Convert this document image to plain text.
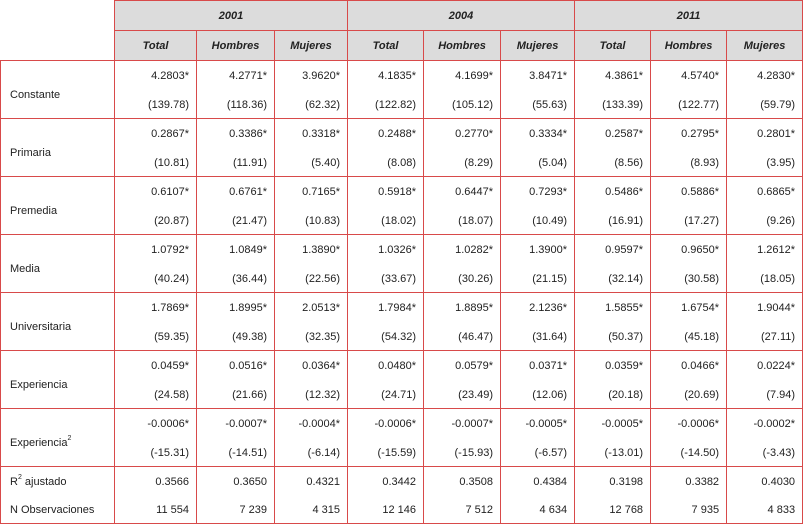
	2001			2004			2011		
	Total	Hombres	Mujeres	Total	Hombres	Mujeres	Total	Hombres	Mujeres
Constante	4.2803*	4.2771*	3.9620*	4.1835*	4.1699*	3.8471*	4.3861*	4.5740*	4.2830*
	(139.78)	(118.36)	(62.32)	(122.82)	(105.12)	(55.63)	(133.39)	(122.77)	(59.79)
Primaria	0.2867*	0.3386*	0.3318*	0.2488*	0.2770*	0.3334*	0.2587*	0.2795*	0.2801*
	(10.81)	(11.91)	(5.40)	(8.08)	(8.29)	(5.04)	(8.56)	(8.93)	(3.95)
Premedia	0.6107*	0.6761*	0.7165*	0.5918*	0.6447*	0.7293*	0.5486*	0.5886*	0.6865*
	(20.87)	(21.47)	(10.83)	(18.02)	(18.07)	(10.49)	(16.91)	(17.27)	(9.26)
Media	1.0792*	1.0849*	1.3890*	1.0326*	1.0282*	1.3900*	0.9597*	0.9650*	1.2612*
	(40.24)	(36.44)	(22.56)	(33.67)	(30.26)	(21.15)	(32.14)	(30.58)	(18.05)
Universitaria	1.7869*	1.8995*	2.0513*	1.7984*	1.8895*	2.1236*	1.5855*	1.6754*	1.9044*
	(59.35)	(49.38)	(32.35)	(54.32)	(46.47)	(31.64)	(50.37)	(45.18)	(27.11)
Experiencia	0.0459*	0.0516*	0.0364*	0.0480*	0.0579*	0.0371*	0.0359*	0.0466*	0.0224*
	(24.58)	(21.66)	(12.32)	(24.71)	(23.49)	(12.06)	(20.18)	(20.69)	(7.94)
Experiencia$^2$	-0.0006*	-0.0007*	-0.0004*	-0.0006*	-0.0007*	-0.0005*	-0.0005*	-0.0006*	-0.0002*
	(-15.31)	(-14.51)	(-6.14)	(-15.59)	(-15.93)	(-6.57)	(-13.01)	(-14.50)	(-3.43)
$R^2$ ajustado	0.3566	0.3650	0.4321	0.3442	0.3508	0.4384	0.3198	0.3382	0.4030
N Observaciones	11 554	7 239	4 315	12 146	7 512	4 634	12 768	7 935	4 833
